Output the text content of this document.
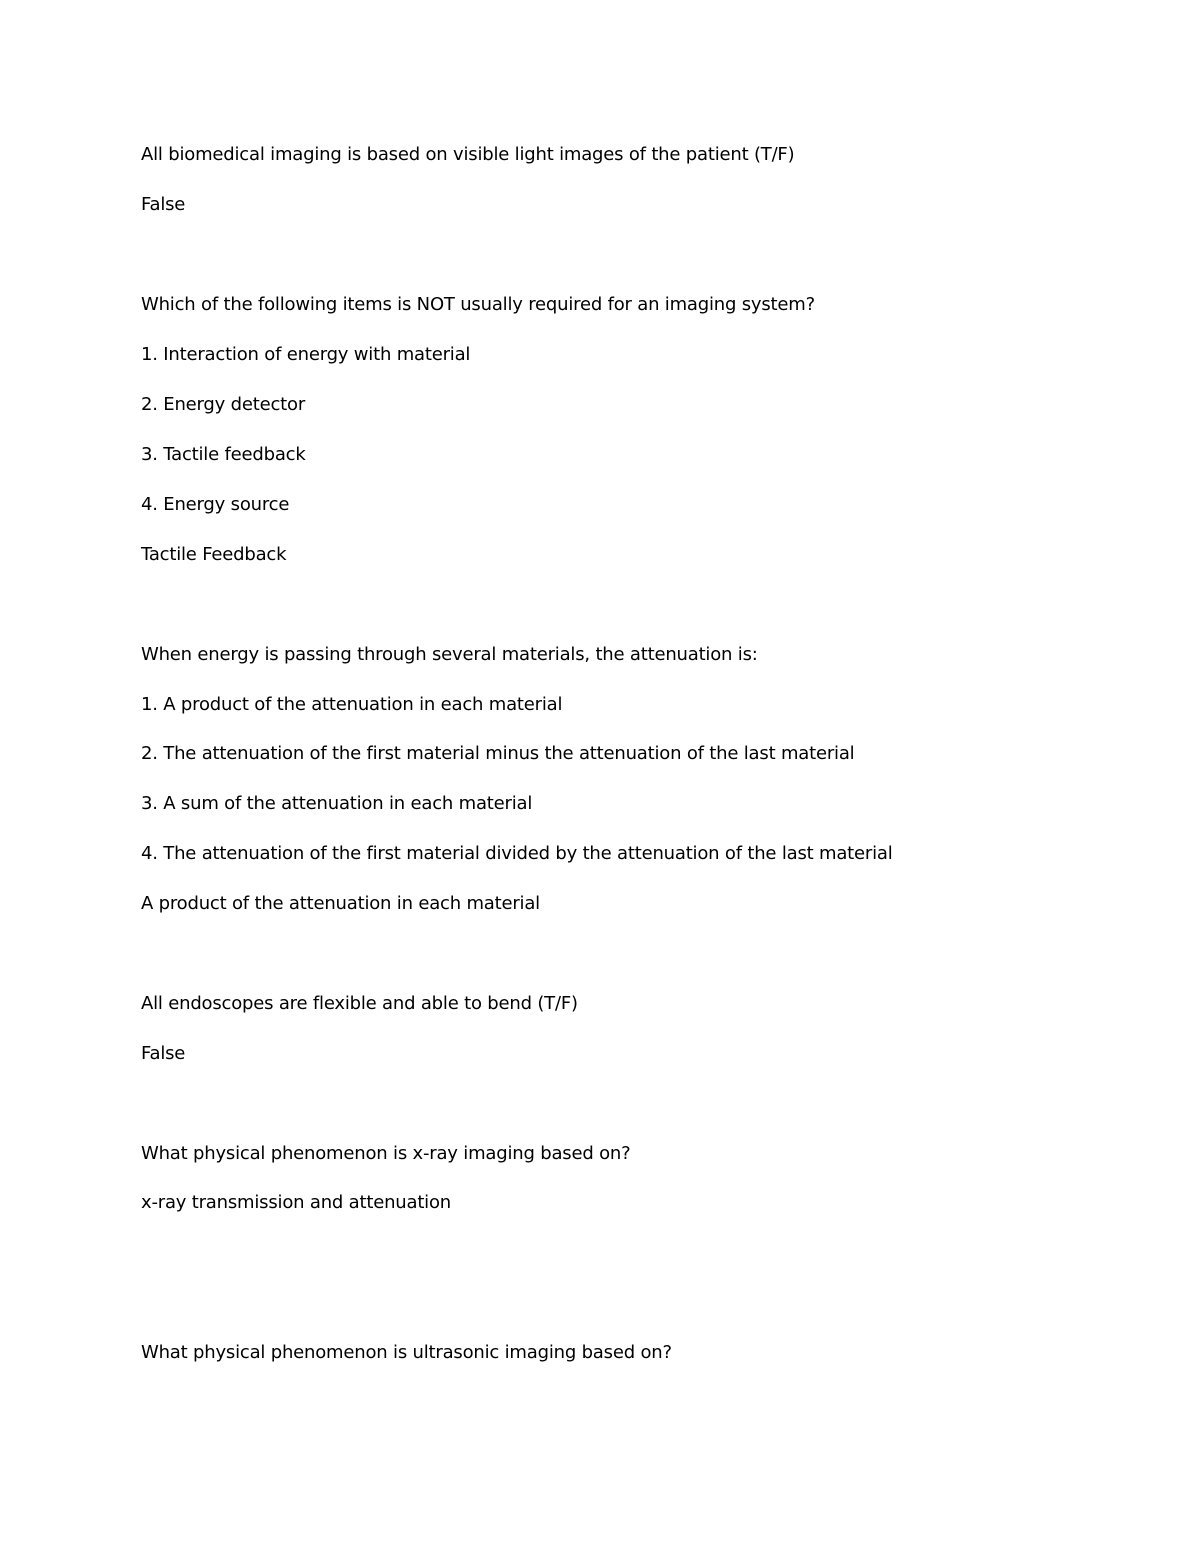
All biomedical imaging is based on visible light images of the patient (T/F)
False
Which of the following items is NOT usually required for an imaging system?
1. Interaction of energy with material
2. Energy detector
3. Tactile feedback
4. Energy source
Tactile Feedback
When energy is passing through several materials, the attenuation is:
1. A product of the attenuation in each material
2. The attenuation of the first material minus the attenuation of the last material
3. A sum of the attenuation in each material
4. The attenuation of the first material divided by the attenuation of the last material
A product of the attenuation in each material
All endoscopes are flexible and able to bend (T/F)
False
What physical phenomenon is x-ray imaging based on?
x-ray transmission and attenuation
What physical phenomenon is ultrasonic imaging based on?
